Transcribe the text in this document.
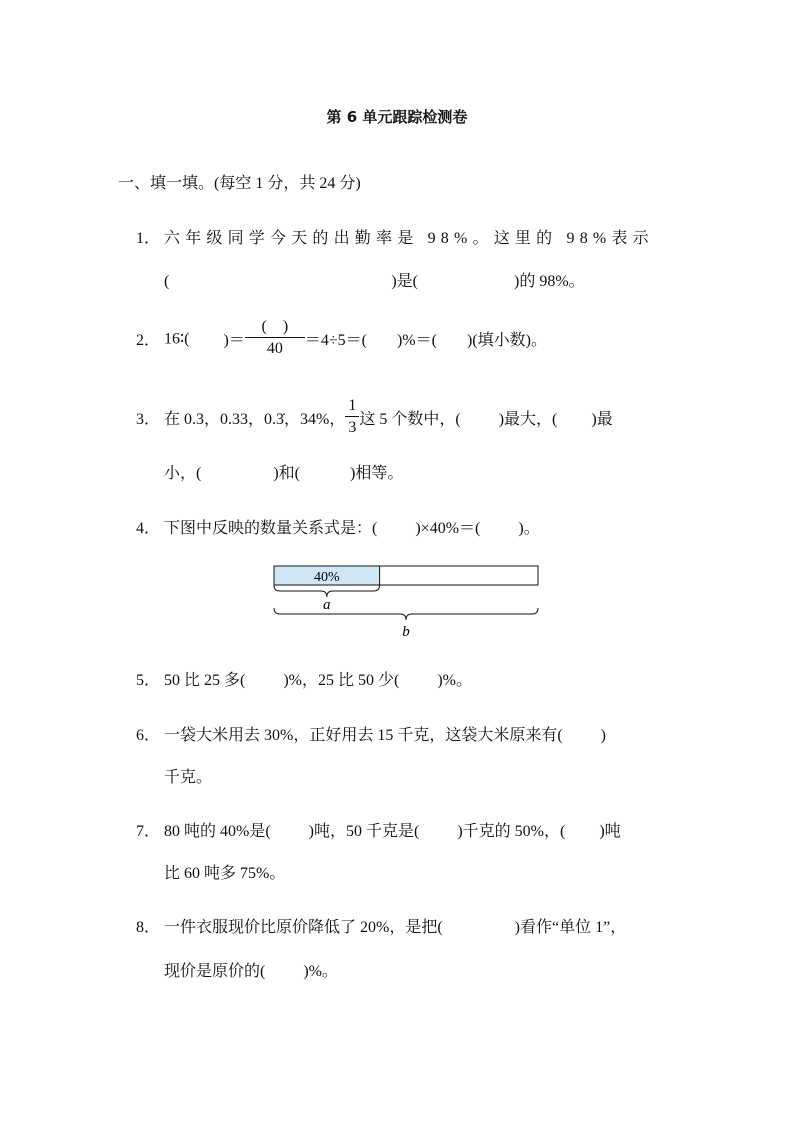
第 6 单元跟踪检测卷
一、填一填。(每空 1 分，共 24 分)
1． 六年级同学今天的出勤率是 98%。这里的 98%表示
(	)是(	)的 98%。
2． 16∶( )＝ $\frac{( )}{40} =4\div 5=$( )%＝( )(填小数)。
3． 在 0.3，0.33，0.3̇，34%， $\frac{1}{3}$ 这 5 个数中，( )最大，( )最
小，(	)和(	)相等。
4． 下图中反映的数量关系式是：( )×40%＝( )。
40%
a
b
5． 50 比 25 多( )%，25 比 50 少( )%。
6． 一袋大米用去 30%，正好用去 15 千克，这袋大米原来有( )
千克。
7． 80 吨的 40%是( )吨，50 千克是( )千克的 50%，( )吨
比 60 吨多 75%。
8． 一件衣服现价比原价降低了 20%，是把(	)看作“单位 1”，
现价是原价的( )%。
